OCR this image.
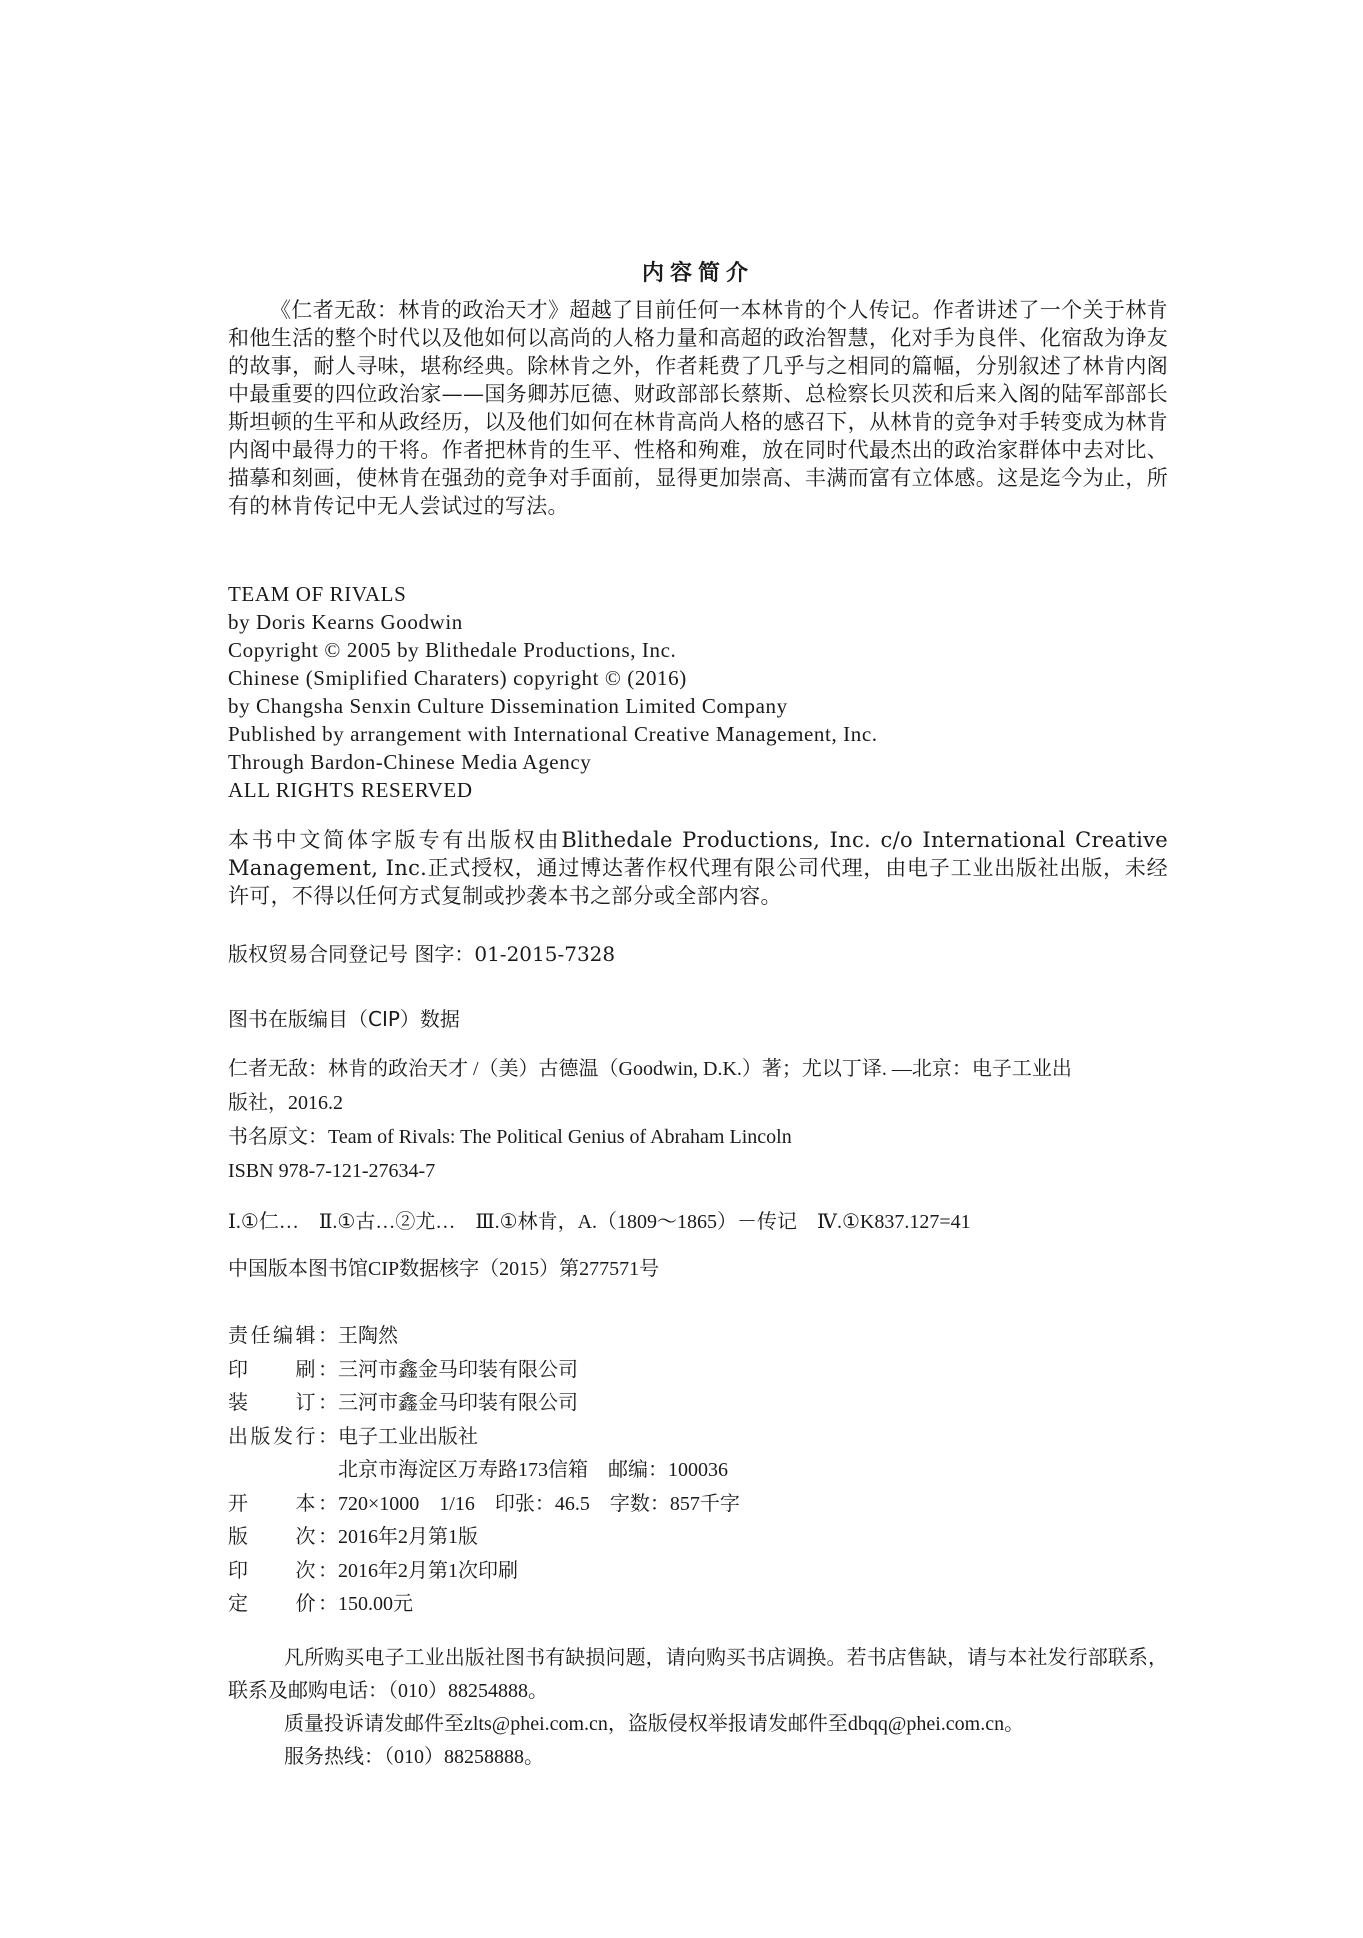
内容简介
《仁者无敌：林肯的政治天才》超越了目前任何一本林肯的个人传记。作者讲述了一个关于林肯和他生活的整个时代以及他如何以高尚的人格力量和高超的政治智慧，化对手为良伴、化宿敌为诤友的故事，耐人寻味，堪称经典。除林肯之外，作者耗费了几乎与之相同的篇幅，分别叙述了林肯内阁中最重要的四位政治家——国务卿苏厄德、财政部部长蔡斯、总检察长贝茨和后来入阁的陆军部部长斯坦顿的生平和从政经历，以及他们如何在林肯高尚人格的感召下，从林肯的竞争对手转变成为林肯内阁中最得力的干将。作者把林肯的生平、性格和殉难，放在同时代最杰出的政治家群体中去对比、描摹和刻画，使林肯在强劲的竞争对手面前，显得更加崇高、丰满而富有立体感。这是迄今为止，所有的林肯传记中无人尝试过的写法。
TEAM OF RIVALS
by Doris Kearns Goodwin
Copyright © 2005 by Blithedale Productions, Inc.
Chinese (Smiplified Charaters) copyright © (2016)
by Changsha Senxin Culture Dissemination Limited Company
Published by arrangement with International Creative Management, Inc.
Through Bardon-Chinese Media Agency
ALL RIGHTS RESERVED
本书中文简体字版专有出版权由Blithedale Productions, Inc. c/o International Creative Management, Inc.正式授权，通过博达著作权代理有限公司代理，由电子工业出版社出版，未经许可，不得以任何方式复制或抄袭本书之部分或全部内容。
版权贸易合同登记号 图字：01-2015-7328
图书在版编目（CIP）数据
仁者无敌：林肯的政治天才 /（美）古德温（Goodwin, D.K.）著；尤以丁译. —北京：电子工业出
版社，2016.2
书名原文：Team of Rivals: The Political Genius of Abraham Lincoln
ISBN 978-7-121-27634-7
Ⅰ.①仁…　Ⅱ.①古…②尤…　Ⅲ.①林肯，A.（1809～1865）－传记　Ⅳ.①K837.127=41
中国版本图书馆CIP数据核字（2015）第277571号
责任编辑： 王陶然
印　　刷： 三河市鑫金马印装有限公司
装　　订： 三河市鑫金马印装有限公司
出版发行： 电子工业出版社
北京市海淀区万寿路173信箱　邮编：100036
开　　本： 720×1000　1/16　印张：46.5　字数：857千字
版　　次： 2016年2月第1版
印　　次： 2016年2月第1次印刷
定　　价： 150.00元
凡所购买电子工业出版社图书有缺损问题，请向购买书店调换。若书店售缺，请与本社发行部联系，联系及邮购电话：（010）88254888。
质量投诉请发邮件至zlts@phei.com.cn，盗版侵权举报请发邮件至dbqq@phei.com.cn。
服务热线：（010）88258888。
